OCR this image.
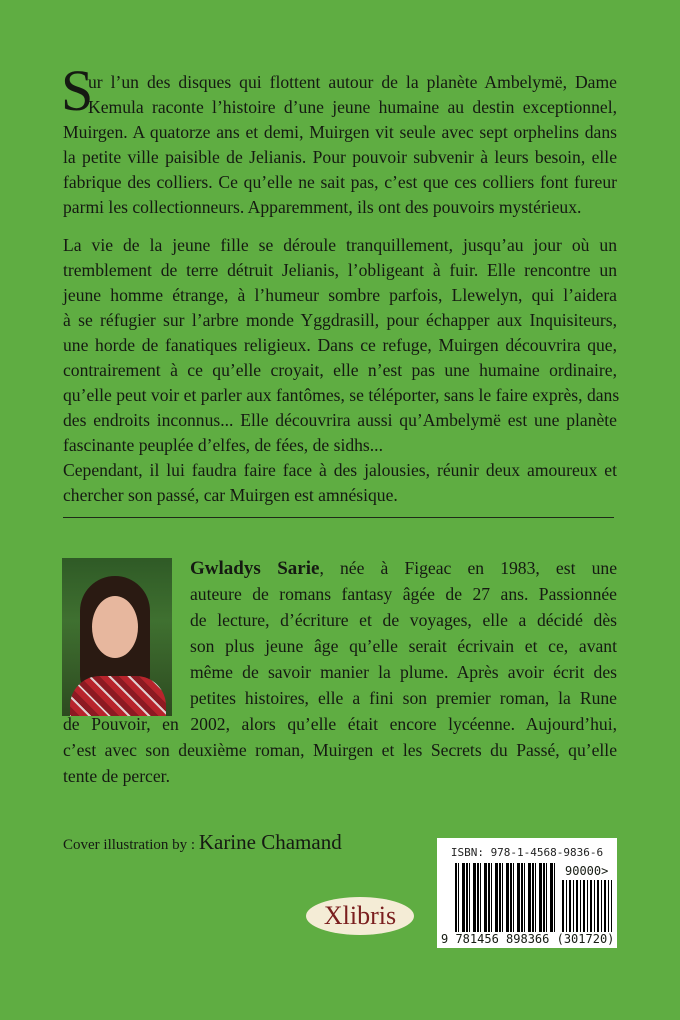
S
ur l’un des disques qui flottent autour de la planète Ambelymë, Dame
Kemula raconte l’histoire d’une jeune humaine au destin exceptionnel,
Muirgen. A quatorze ans et demi, Muirgen vit seule avec sept orphelins dans
la petite ville paisible de Jelianis. Pour pouvoir subvenir à leurs besoin, elle
fabrique des colliers. Ce qu’elle ne sait pas, c’est que ces colliers font fureur
parmi les collectionneurs. Apparemment, ils ont des pouvoirs mystérieux.
La vie de la jeune fille se déroule tranquillement, jusqu’au jour où un
tremblement de terre détruit Jelianis, l’obligeant à fuir. Elle rencontre un
jeune homme étrange, à l’humeur sombre parfois, Llewelyn, qui l’aidera
à se réfugier sur l’arbre monde Yggdrasill, pour échapper aux Inquisiteurs,
une horde de fanatiques religieux. Dans ce refuge, Muirgen découvrira que,
contrairement à ce qu’elle croyait, elle n’est pas une humaine ordinaire,
qu’elle peut voir et parler aux fantômes, se téléporter, sans le faire exprès, dans
des endroits inconnus... Elle découvrira aussi qu’Ambelymë est une planète
fascinante peuplée d’elfes, de fées, de sidhs...
Cependant, il lui faudra faire face à des jalousies, réunir deux amoureux et
chercher son passé, car Muirgen est amnésique.
Gwladys Sarie, née à Figeac en 1983, est une
auteure de romans fantasy âgée de 27 ans. Passionnée
de lecture, d’écriture et de voyages, elle a décidé dès
son plus jeune âge qu’elle serait écrivain et ce, avant
même de savoir manier la plume. Après avoir écrit des
petites histoires, elle a fini son premier roman, la Rune
de Pouvoir, en 2002, alors qu’elle était encore lycéenne. Aujourd’hui,
c’est avec son deuxième roman, Muirgen et les Secrets du Passé, qu’elle
tente de percer.
Cover illustration by : Karine Chamand	ISBN: 978-1-4568-9836-6
90000>
9 781456 898366 (301720)
Xlibris
